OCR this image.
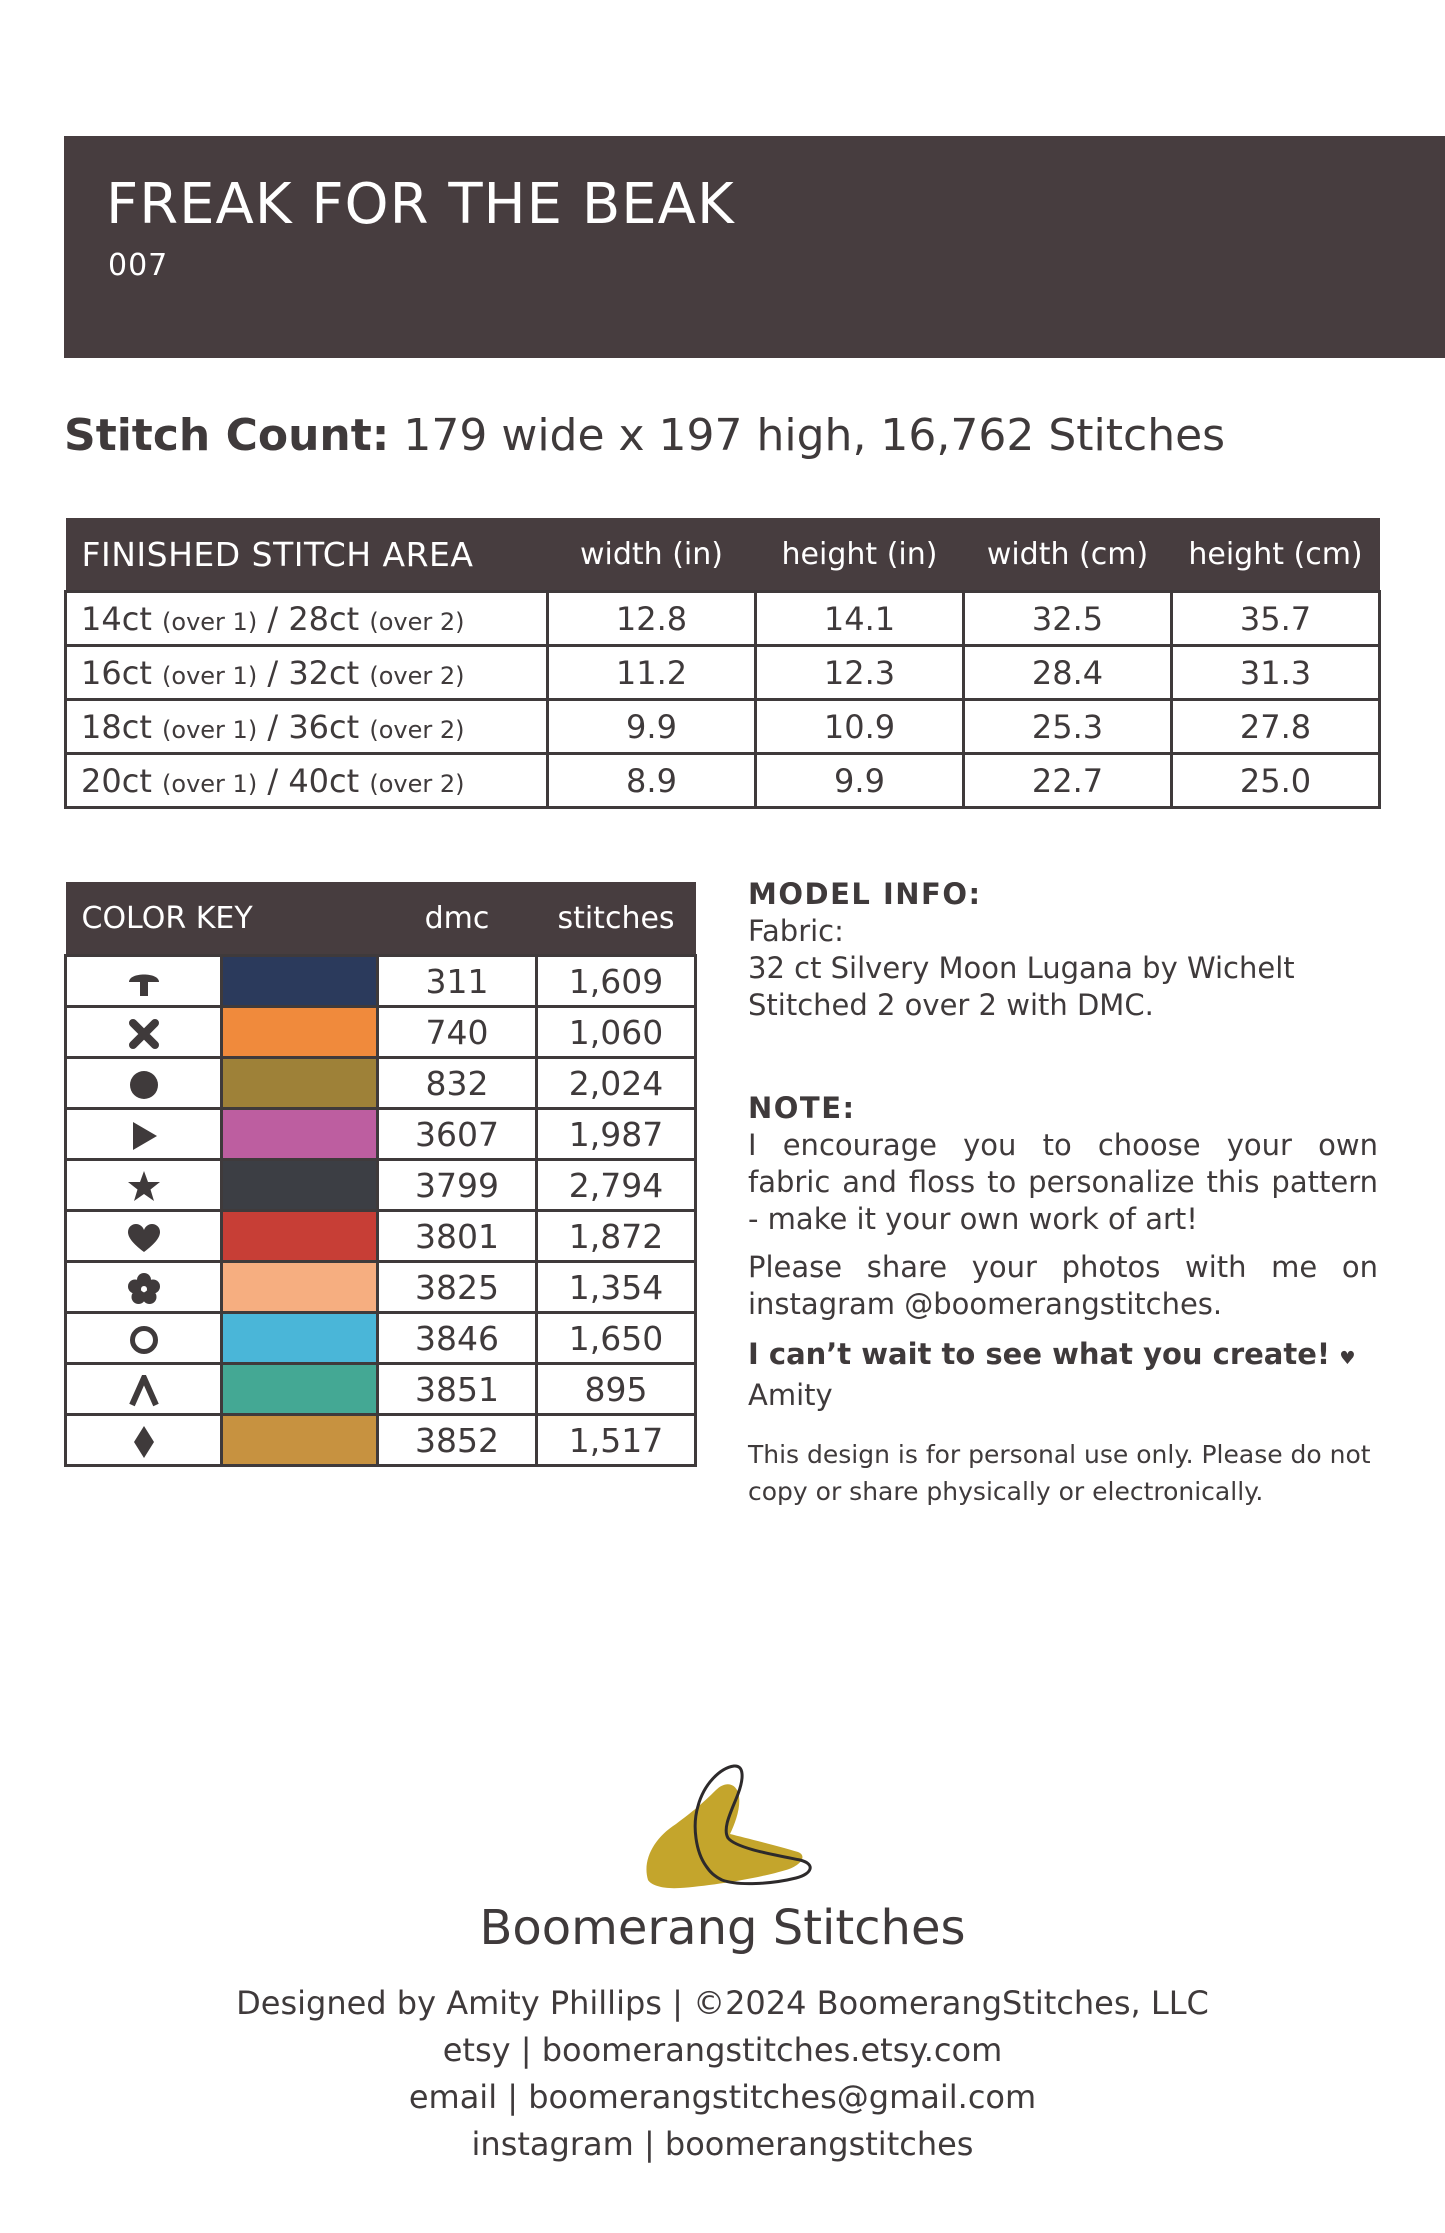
FREAK FOR THE BEAK
007
Stitch Count: 179 wide x 197 high, 16,762 Stitches
FINISHED STITCH AREA	width (in)	height (in)	width (cm)	height (cm)
14ct (over 1) / 28ct (over 2)	12.8	14.1	32.5	35.7
16ct (over 1) / 32ct (over 2)	11.2	12.3	28.4	31.3
18ct (over 1) / 36ct (over 2)	9.9	10.9	25.3	27.8
20ct (over 1) / 40ct (over 2)	8.9	9.9	22.7	25.0
COLOR KEY		dmc	stitches

	311	1,609

	740	1,060

	832	2,024

	3607	1,987

	3799	2,794

	3801	1,872

	3825	1,354

	3846	1,650

	3851	895

	3852	1,517
MODEL INFO:
Fabric:
32 ct Silvery Moon Lugana by Wichelt
Stitched 2 over 2 with DMC.
NOTE:

I encourage you to choose your own
fabric and floss to personalize this pattern
- make it your own work of art!

Please share your photos with me on
instagram @boomerangstitches.

I can’t wait to see what you create! ♥ Amity

This design is for personal use only. Please do not
copy or share physically or electronically.
Boomerang Stitches
Designed by Amity Phillips | ©2024 BoomerangStitches, LLC
etsy | boomerangstitches.etsy.com
email | boomerangstitches@gmail.com
instagram | boomerangstitches
